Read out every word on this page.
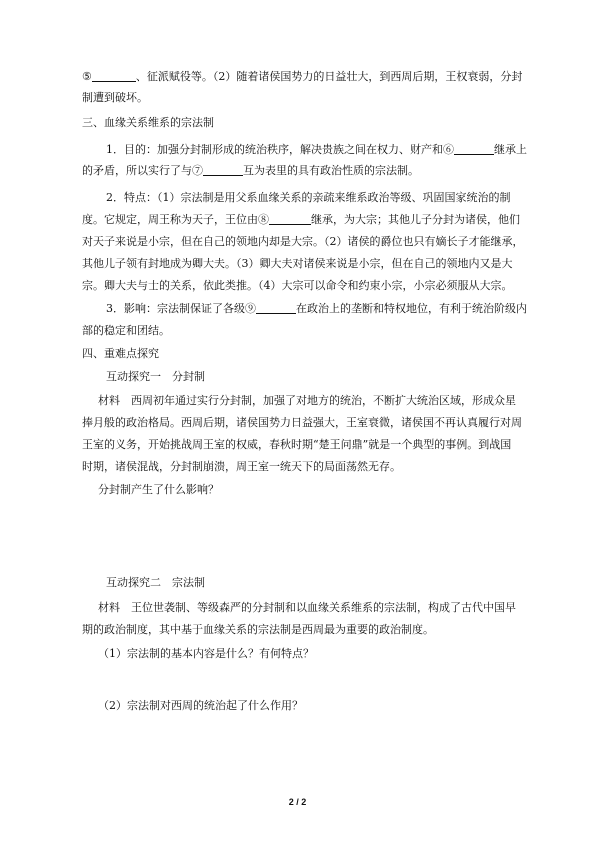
⑤	、征派赋役等。（2）随着诸侯国势力的日益壮大，到西周后期，王权衰弱，分封

制遭到破坏。

三、血缘关系维系的宗法制

1．目的：加强分封制形成的统治秩序，解决贵族之间在权力、财产和⑥	继承上

的矛盾，所以实行了与⑦	互为表里的具有政治性质的宗法制。

2．特点：（1）宗法制是用父系血缘关系的亲疏来维系政治等级、巩固国家统治的制

度。它规定，周王称为天子，王位由⑧	继承，为大宗；其他儿子分封为诸侯，他们

对天子来说是小宗，但在自己的领地内却是大宗。（2）诸侯的爵位也只有嫡长子才能继承，

其他儿子领有封地成为卿大夫。（3）卿大夫对诸侯来说是小宗，但在自己的领地内又是大

宗。卿大夫与士的关系，依此类推。（4）大宗可以命令和约束小宗，小宗必须服从大宗。

3．影响：宗法制保证了各级⑨	在政治上的垄断和特权地位，有利于统治阶级内

部的稳定和团结。

四、重难点探究

互动探究一　分封制

材料　西周初年通过实行分封制，加强了对地方的统治，不断扩大统治区域，形成众星

捧月般的政治格局。西周后期，诸侯国势力日益强大，王室衰微，诸侯国不再认真履行对周

王室的义务，开始挑战周王室的权威，春秋时期“楚王问鼎”就是一个典型的事例。到战国

时期，诸侯混战，分封制崩溃，周王室一统天下的局面荡然无存。

分封制产生了什么影响？

互动探究二　宗法制

材料　王位世袭制、等级森严的分封制和以血缘关系维系的宗法制，构成了古代中国早

期的政治制度，其中基于血缘关系的宗法制是西周最为重要的政治制度。

（1）宗法制的基本内容是什么？有何特点？

（2）宗法制对西周的统治起了什么作用？

2 / 2
